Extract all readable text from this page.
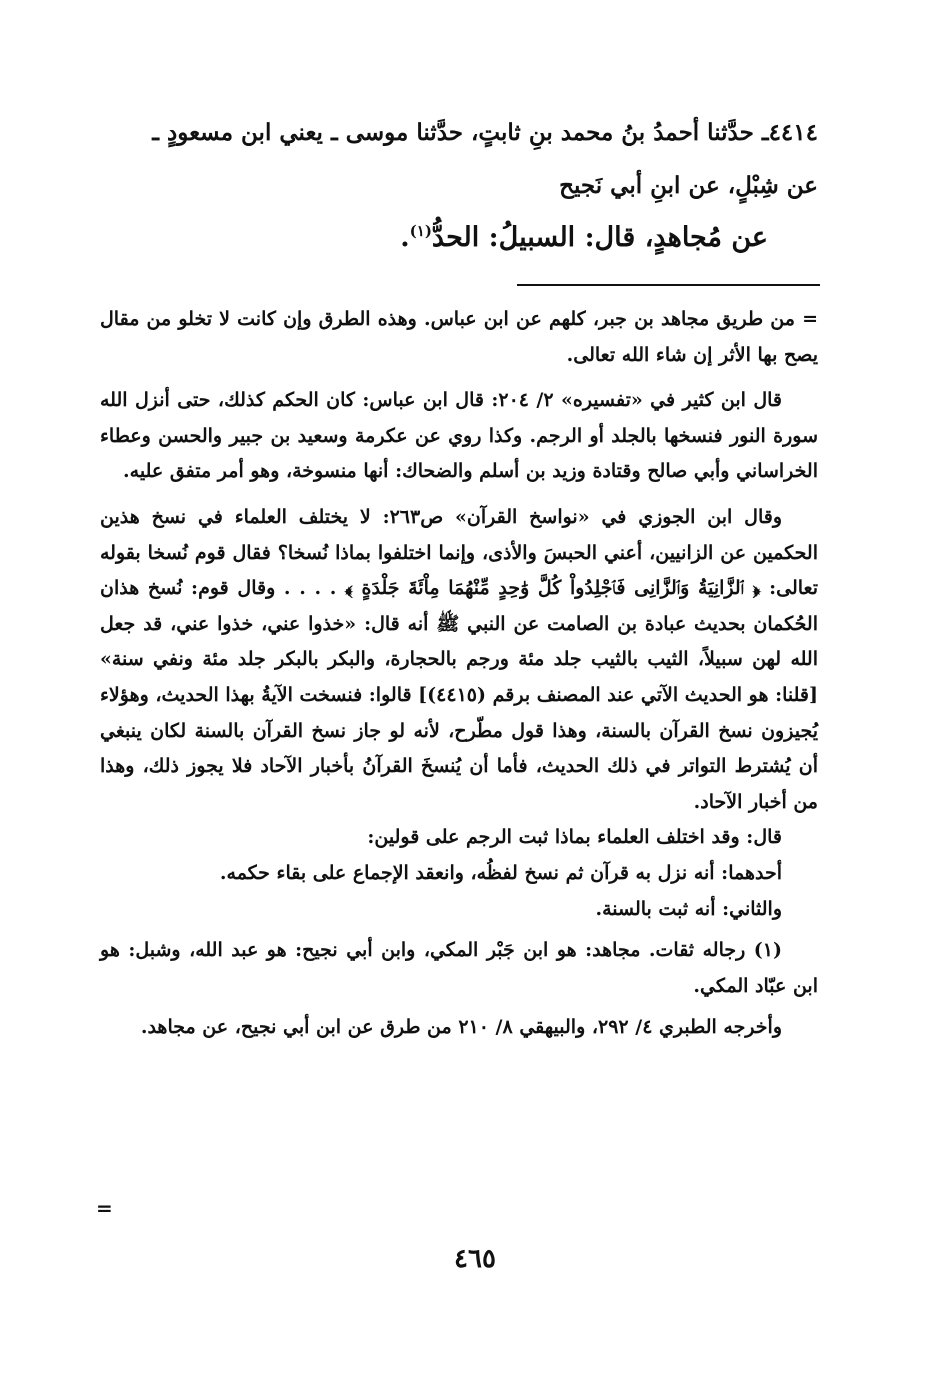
٤٤١٤ـ حدَّثنا أحمدُ بنُ محمد بنِ ثابتٍ، حدَّثنا موسى ـ يعني ابن مسعودٍ ـ
عن شِبْلٍ، عن ابنِ أبي نَجيح

عن مُجاهدٍ، قال: السبيلُ: الحدُّ$^{(١)}$.

= من طريق مجاهد بن جبر، كلهم عن ابن عباس. وهذه الطرق وإن كانت لا تخلو من مقال يصح بها الأثر إن شاء الله تعالى.

قال ابن كثير في «تفسيره» ٢/ ٢٠٤: قال ابن عباس: كان الحكم كذلك، حتى أنزل الله سورة النور فنسخها بالجلد أو الرجم. وكذا روي عن عكرمة وسعيد بن جبير والحسن وعطاء الخراساني وأبي صالح وقتادة وزيد بن أسلم والضحاك: أنها منسوخة، وهو أمر متفق عليه.

وقال ابن الجوزي في «نواسخ القرآن» ص٢٦٣: لا يختلف العلماء في نسخ هذين الحكمين عن الزانيين، أعني الحبسَ والأذى، وإنما اختلفوا بماذا نُسخا؟ فقال قوم نُسخا بقوله تعالى: ﴿ ٱلزَّانِيَةُ وَٱلزَّانِى فَٱجْلِدُواْ كُلَّ وَٰحِدٍ مِّنْهُمَا مِاْئَةَ جَلْدَةٍ ﴾ . . . . وقال قوم: نُسخ هذان الحُكمان بحديث عبادة بن الصامت عن النبي ﷺ أنه قال: «خذوا عني، خذوا عني، قد جعل الله لهن سبيلاً، الثيب بالثيب جلد مئة ورجم بالحجارة، والبكر بالبكر جلد مئة ونفي سنة» [قلنا: هو الحديث الآتي عند المصنف برقم (٤٤١٥)] قالوا: فنسخت الآيةُ بهذا الحديث، وهؤلاء يُجيزون نسخ القرآن بالسنة، وهذا قول مطّرح، لأنه لو جاز نسخ القرآن بالسنة لكان ينبغي أن يُشترط التواتر في ذلك الحديث، فأما أن يُنسخَ القرآنُ بأخبار الآحاد فلا يجوز ذلك، وهذا من أخبار الآحاد.

قال: وقد اختلف العلماء بماذا ثبت الرجم على قولين:

أحدهما: أنه نزل به قرآن ثم نسخ لفظُه، وانعقد الإجماع على بقاء حكمه.

والثاني: أنه ثبت بالسنة.

(١) رجاله ثقات. مجاهد: هو ابن جَبْر المكي، وابن أبي نجيح: هو عبد الله، وشبل: هو ابن عبّاد المكي.

وأخرجه الطبري ٤/ ٢٩٢، والبيهقي ٨/ ٢١٠ من طرق عن ابن أبي نجيح، عن مجاهد.

=
٤٦٥
